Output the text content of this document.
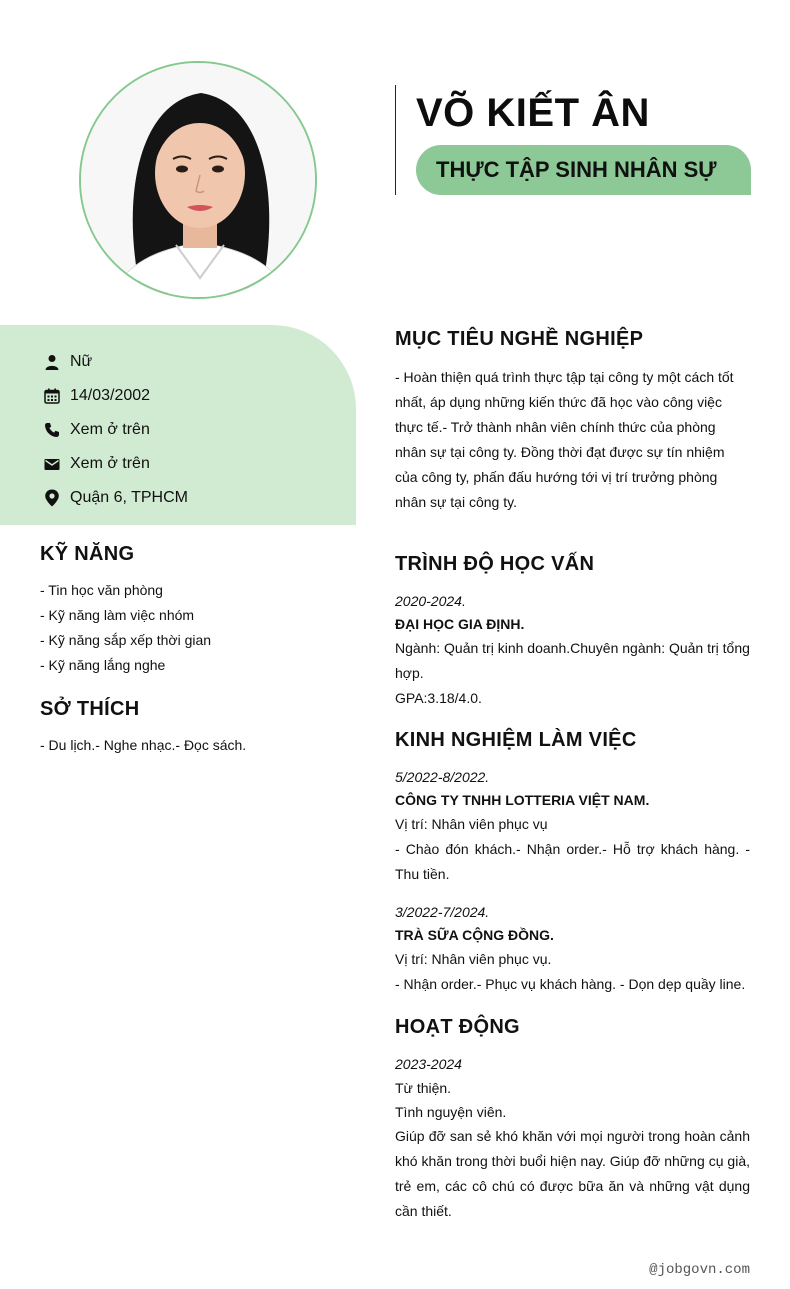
VÕ KIẾT ÂN
THỰC TẬP SINH NHÂN SỰ
Nữ
14/03/2002
Xem ở trên
Xem ở trên
Quận 6, TPHCM
KỸ NĂNG
- Tin học văn phòng
- Kỹ năng làm việc nhóm
- Kỹ năng sắp xếp thời gian
- Kỹ năng lắng nghe
SỞ THÍCH
- Du lịch.- Nghe nhạc.- Đọc sách.
MỤC TIÊU NGHỀ NGHIỆP
- Hoàn thiện quá trình thực tập tại công ty một cách tốt
nhất, áp dụng những kiến thức đã học vào công việc
thực tế.- Trở thành nhân viên chính thức của phòng
nhân sự tại công ty. Đồng thời đạt được sự tín nhiệm
của công ty, phấn đấu hướng tới vị trí trưởng phòng
nhân sự tại công ty.
TRÌNH ĐỘ HỌC VẤN
2020-2024.
ĐẠI HỌC GIA ĐỊNH.
Ngành: Quản trị kinh doanh.Chuyên ngành: Quản trị tổng hợp.
GPA:3.18/4.0.
KINH NGHIỆM LÀM VIỆC
5/2022-8/2022.
CÔNG TY TNHH LOTTERIA VIỆT NAM.
Vị trí: Nhân viên phục vụ
- Chào đón khách.- Nhận order.- Hỗ trợ khách hàng. - Thu tiền.
3/2022-7/2024.
TRÀ SỮA CỘNG ĐỒNG.
Vị trí: Nhân viên phục vụ.
- Nhận order.- Phục vụ khách hàng. - Dọn dẹp quầy line.
HOẠT ĐỘNG
2023-2024
Từ thiện.
Tình nguyện viên.
Giúp đỡ san sẻ khó khăn với mọi người trong hoàn cảnh khó khăn trong thời buổi hiện nay. Giúp đỡ những cụ già, trẻ em, các cô chú có được bữa ăn và những vật dụng cần thiết.
@jobgovn.com
